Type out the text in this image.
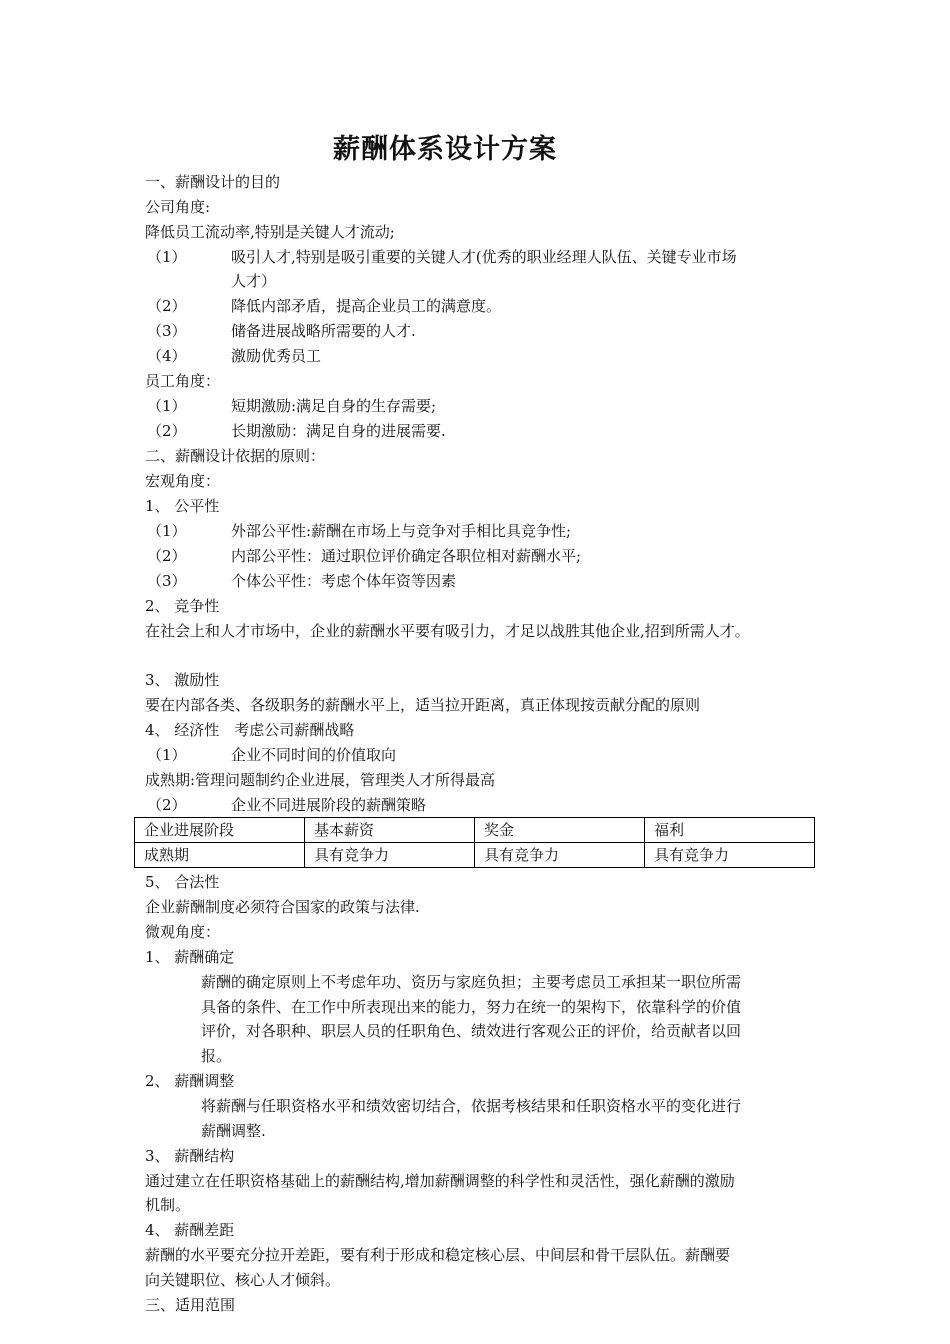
薪酬体系设计方案
一、薪酬设计的目的
公司角度:
降低员工流动率,特别是关键人才流动;
（1）	吸引人才,特别是吸引重要的关键人才(优秀的职业经理人队伍、关键专业市场
人才）
（2）	降低内部矛盾，提高企业员工的满意度。
（3）	储备进展战略所需要的人才.
（4）	激励优秀员工
员工角度：
（1）	短期激励:满足自身的生存需要;
（2）	长期激励：满足自身的进展需要.
二、薪酬设计依据的原则：
宏观角度：
1、 公平性
（1）	外部公平性:薪酬在市场上与竞争对手相比具竞争性;
（2）	内部公平性：通过职位评价确定各职位相对薪酬水平;
（3）	个体公平性：考虑个体年资等因素
2、 竞争性
在社会上和人才市场中，企业的薪酬水平要有吸引力，才足以战胜其他企业,招到所需人才。
3、 激励性
要在内部各类、各级职务的薪酬水平上，适当拉开距离，真正体现按贡献分配的原则
4、 经济性　考虑公司薪酬战略
（1）	企业不同时间的价值取向
成熟期:管理问题制约企业进展，管理类人才所得最高
（2）	企业不同进展阶段的薪酬策略
企业进展阶段	基本薪资	奖金	福利
成熟期	具有竞争力	具有竞争力	具有竞争力
5、 合法性
企业薪酬制度必须符合国家的政策与法律.
微观角度：
1、 薪酬确定
薪酬的确定原则上不考虑年功、资历与家庭负担；主要考虑员工承担某一职位所需
具备的条件、在工作中所表现出来的能力，努力在统一的架构下，依靠科学的价值
评价，对各职种、职层人员的任职角色、绩效进行客观公正的评价，给贡献者以回
报。
2、 薪酬调整
将薪酬与任职资格水平和绩效密切结合，依据考核结果和任职资格水平的变化进行
薪酬调整.
3、 薪酬结构
通过建立在任职资格基础上的薪酬结构,增加薪酬调整的科学性和灵活性，强化薪酬的激励
机制。
4、 薪酬差距
薪酬的水平要充分拉开差距，要有利于形成和稳定核心层、中间层和骨干层队伍。薪酬要
向关键职位、核心人才倾斜。
三、适用范围
